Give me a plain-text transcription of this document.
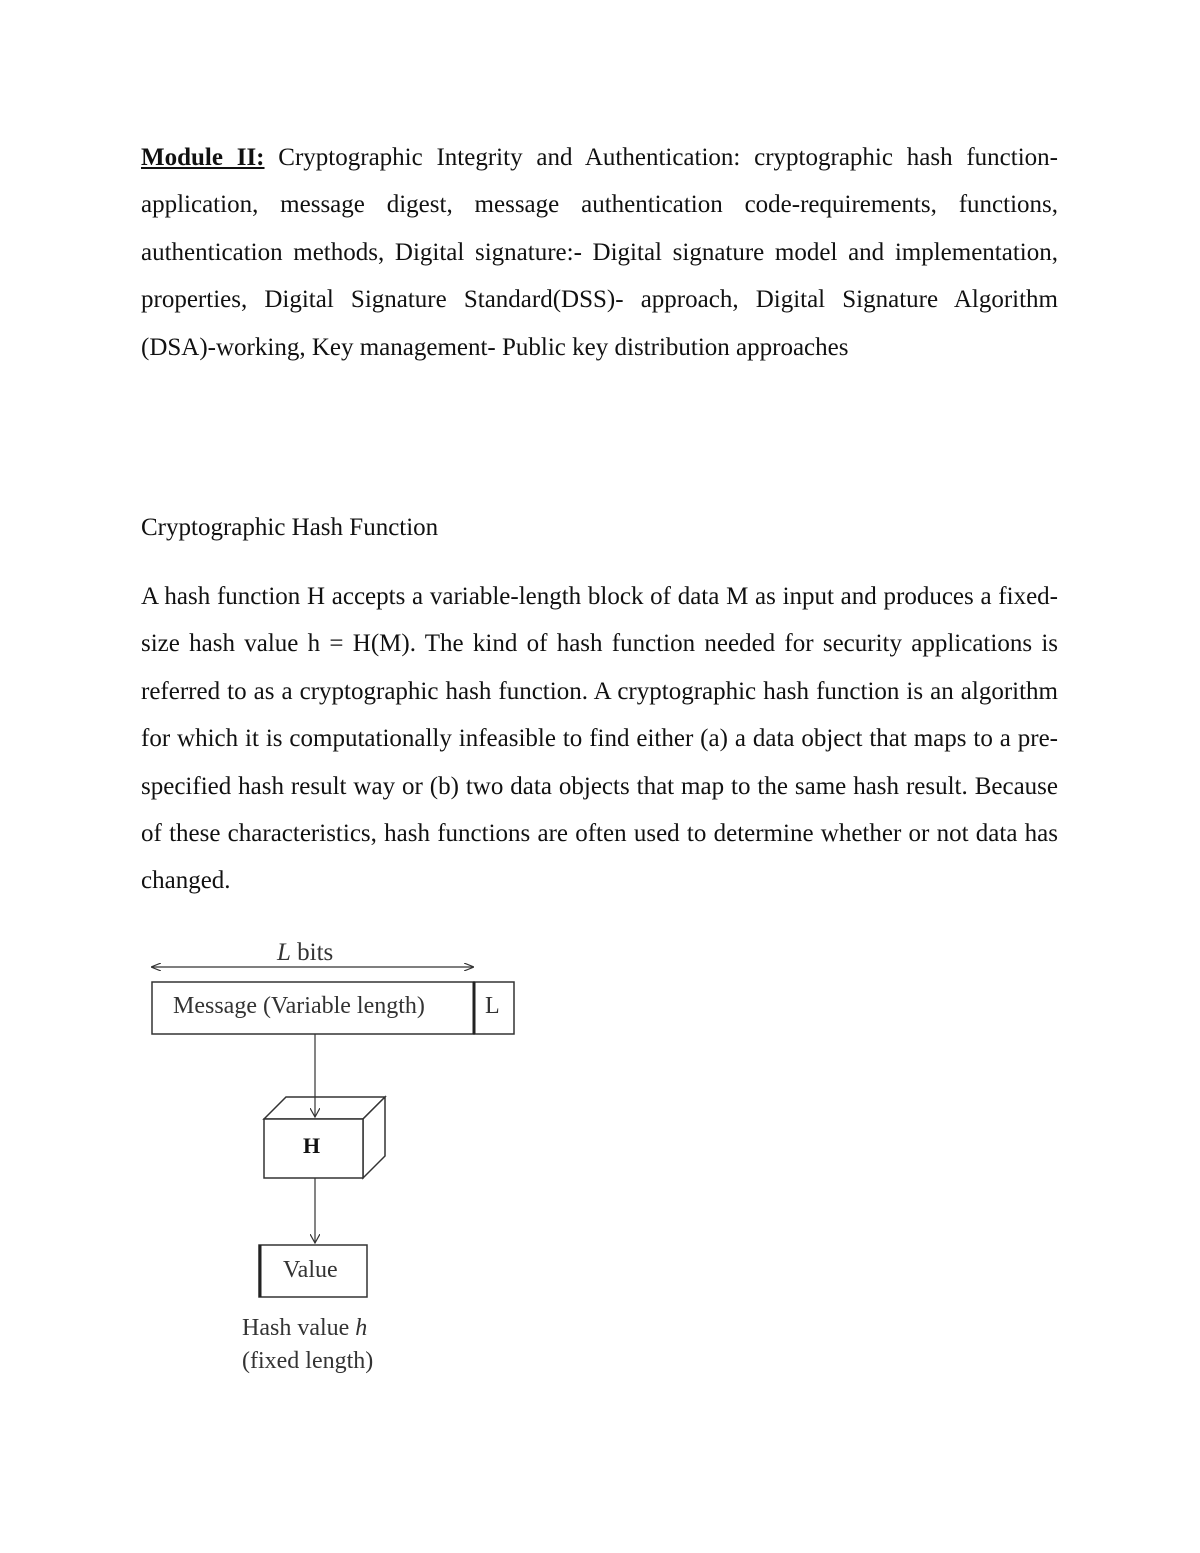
Module II: Cryptographic Integrity and Authentication: cryptographic hash function-application, message digest, message authentication code-requirements, functions, authentication methods, Digital signature:- Digital signature model and implementation, properties, Digital Signature Standard(DSS)- approach, Digital Signature Algorithm (DSA)-working, Key management- Public key distribution approaches

Cryptographic Hash Function

A hash function H accepts a variable-length block of data M as input and produces a fixed-size hash value h = H(M). The kind of hash function needed for security applications is referred to as a cryptographic hash function. A cryptographic hash function is an algorithm for which it is computationally infeasible to find either (a) a data object that maps to a pre-specified hash result way or (b) two data objects that map to the same hash result. Because of these characteristics, hash functions are often used to determine whether or not data has changed.

L bits
Message (Variable length)	L
H
Value
Hash value h
(fixed length)
